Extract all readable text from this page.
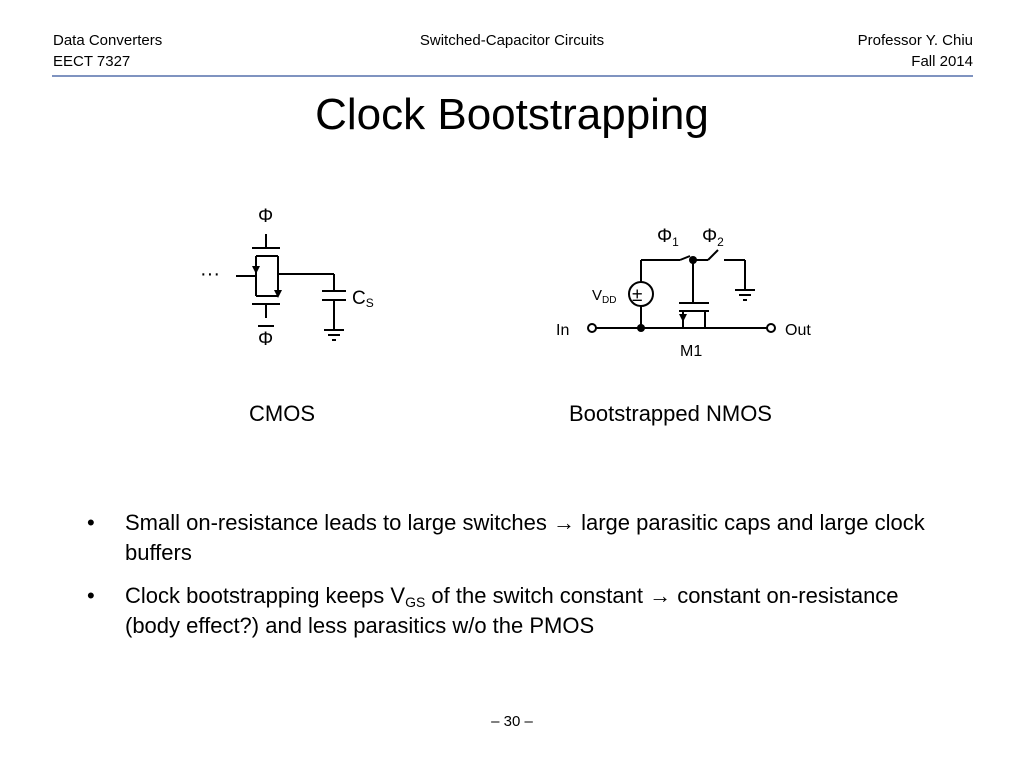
Data Converters
EECT 7327
Switched-Capacitor Circuits	Professor Y. Chiu
Fall 2014
Clock Bootstrapping
Φ
Φ
···
CS	±
$V_{DD}$
$\Phi_1$ $\Phi_2$
In	Out
M1
CMOS	Bootstrapped NMOS
• Small on-resistance leads to large switches → large parasitic caps and large clock buffers
• Clock bootstrapping keeps $V_{GS}$ of the switch constant → constant on-resistance (body effect?) and less parasitics w/o the PMOS
– 30 –
